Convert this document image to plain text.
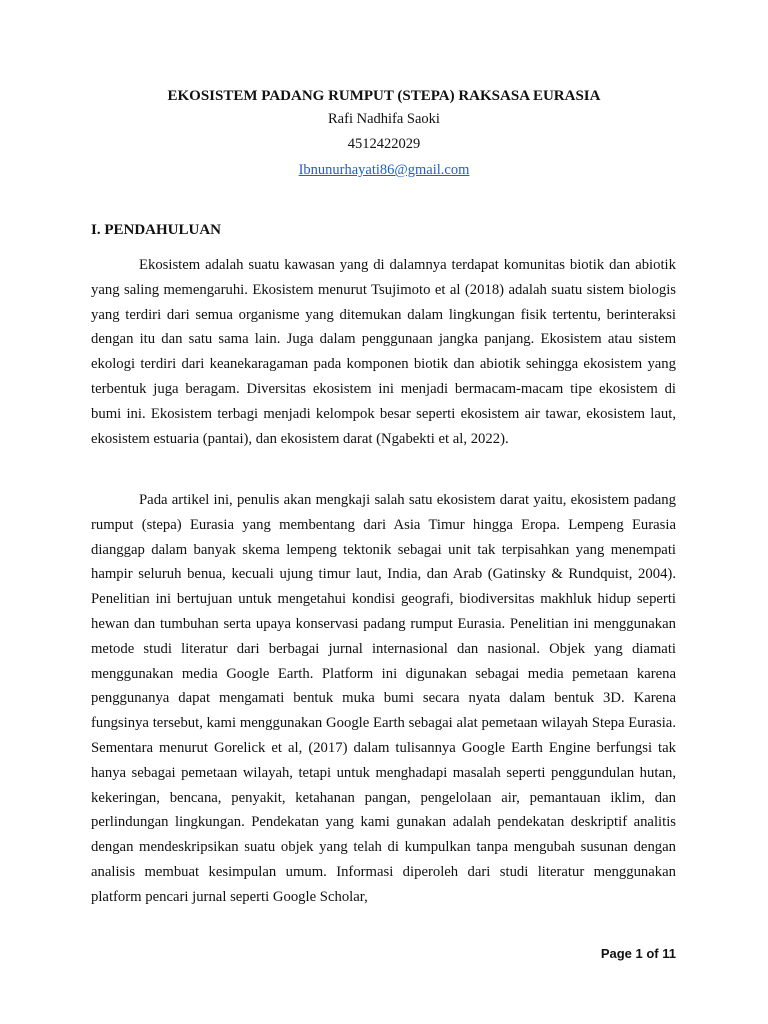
EKOSISTEM PADANG RUMPUT (STEPA) RAKSASA EURASIA

Rafi Nadhifa Saoki

4512422029

Ibnunurhayati86@gmail.com
I. PENDAHULUAN

Ekosistem adalah suatu kawasan yang di dalamnya terdapat komunitas biotik dan abiotik yang saling memengaruhi. Ekosistem menurut Tsujimoto et al (2018) adalah suatu sistem biologis yang terdiri dari semua organisme yang ditemukan dalam lingkungan fisik tertentu, berinteraksi dengan itu dan satu sama lain. Juga dalam penggunaan jangka panjang. Ekosistem atau sistem ekologi terdiri dari keanekaragaman pada komponen biotik dan abiotik sehingga ekosistem yang terbentuk juga beragam. Diversitas ekosistem ini menjadi bermacam-macam tipe ekosistem di bumi ini. Ekosistem terbagi menjadi kelompok besar seperti ekosistem air tawar, ekosistem laut, ekosistem estuaria (pantai), dan ekosistem darat (Ngabekti et al, 2022).

Pada artikel ini, penulis akan mengkaji salah satu ekosistem darat yaitu, ekosistem padang rumput (stepa) Eurasia yang membentang dari Asia Timur hingga Eropa. Lempeng Eurasia dianggap dalam banyak skema lempeng tektonik sebagai unit tak terpisahkan yang menempati hampir seluruh benua, kecuali ujung timur laut, India, dan Arab (Gatinsky & Rundquist, 2004). Penelitian ini bertujuan untuk mengetahui kondisi geografi, biodiversitas makhluk hidup seperti hewan dan tumbuhan serta upaya konservasi padang rumput Eurasia. Penelitian ini menggunakan metode studi literatur dari berbagai jurnal internasional dan nasional. Objek yang diamati menggunakan media Google Earth. Platform ini digunakan sebagai media pemetaan karena penggunanya dapat mengamati bentuk muka bumi secara nyata dalam bentuk 3D. Karena fungsinya tersebut, kami menggunakan Google Earth sebagai alat pemetaan wilayah Stepa Eurasia. Sementara menurut Gorelick et al, (2017) dalam tulisannya Google Earth Engine berfungsi tak hanya sebagai pemetaan wilayah, tetapi untuk menghadapi masalah seperti penggundulan hutan, kekeringan, bencana, penyakit, ketahanan pangan, pengelolaan air, pemantauan iklim, dan perlindungan lingkungan. Pendekatan yang kami gunakan adalah pendekatan deskriptif analitis dengan mendeskripsikan suatu objek yang telah di kumpulkan tanpa mengubah susunan dengan analisis membuat kesimpulan umum. Informasi diperoleh dari studi literatur menggunakan platform pencari jurnal seperti Google Scholar,

Page 1 of 11
